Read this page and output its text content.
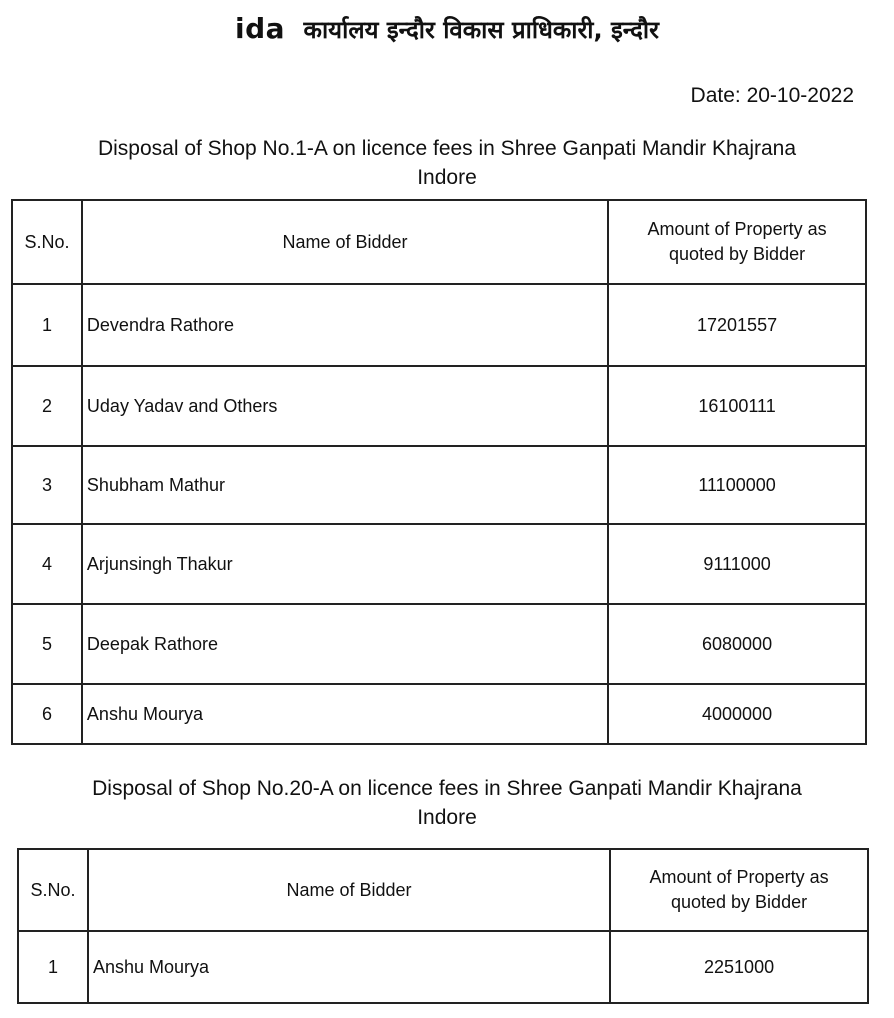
ida कार्यालय इन्दौर विकास प्राधिकारी, इन्दौर
Date: 20-10-2022
Disposal of Shop No.1-A on licence fees in Shree Ganpati Mandir Khajrana
Indore
S.No.	Name of Bidder	Amount of Property as quoted by Bidder
1	Devendra Rathore	17201557
2	Uday Yadav and Others	16100111
3	Shubham Mathur	11100000
4	Arjunsingh Thakur	9111000
5	Deepak Rathore	6080000
6	Anshu Mourya	4000000
Disposal of Shop No.20-A on licence fees in Shree Ganpati Mandir Khajrana
Indore
S.No.	Name of Bidder	Amount of Property as quoted by Bidder
1	Anshu Mourya	2251000
